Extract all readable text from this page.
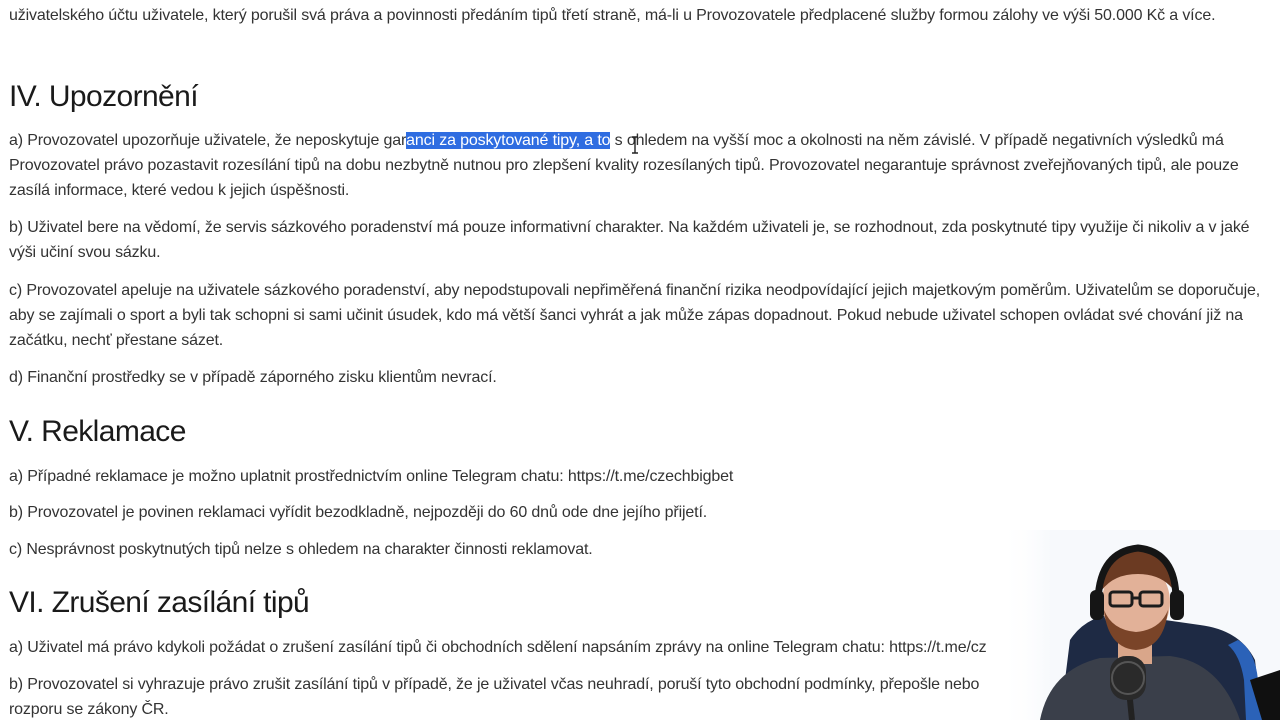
uživatelského účtu uživatele, který porušil svá práva a povinnosti předáním tipů třetí straně, má-li u Provozovatele předplacené služby formou zálohy ve výši 50.000 Kč a více.

IV. Upozornění

a) Provozovatel upozorňuje uživatele, že neposkytuje garanci za poskytované tipy, a to s ohledem na vyšší moc a okolnosti na něm závislé. V případě negativních výsledků má Provozovatel právo pozastavit rozesílání tipů na dobu nezbytně nutnou pro zlepšení kvality rozesílaných tipů. Provozovatel negarantuje správnost zveřejňovaných tipů, ale pouze zasílá informace, které vedou k jejich úspěšnosti.

b) Uživatel bere na vědomí, že servis sázkového poradenství má pouze informativní charakter. Na každém uživateli je, se rozhodnout, zda poskytnuté tipy využije či nikoliv a v jaké výši učiní svou sázku.

c) Provozovatel apeluje na uživatele sázkového poradenství, aby nepodstupovali nepřiměřená finanční rizika neodpovídající jejich majetkovým poměrům. Uživatelům se doporučuje, aby se zajímali o sport a byli tak schopni si sami učinit úsudek, kdo má větší šanci vyhrát a jak může zápas dopadnout. Pokud nebude uživatel schopen ovládat své chování již na začátku, nechť přestane sázet.

d) Finanční prostředky se v případě záporného zisku klientům nevrací.

V. Reklamace

a) Případné reklamace je možno uplatnit prostřednictvím online Telegram chatu: https://t.me/czechbigbet

b) Provozovatel je povinen reklamaci vyřídit bezodkladně, nejpozději do 60 dnů ode dne jejího přijetí.

c) Nesprávnost poskytnutých tipů nelze s ohledem na charakter činnosti reklamovat.

VI. Zrušení zasílání tipů

a) Uživatel má právo kdykoli požádat o zrušení zasílání tipů či obchodních sdělení napsáním zprávy na online Telegram chatu: https://t.me/cz

b) Provozovatel si vyhrazuje právo zrušit zasílání tipů v případě, že je uživatel včas neuhradí, poruší tyto obchodní podmínky, přepošle nebo

rozporu se zákony ČR.
